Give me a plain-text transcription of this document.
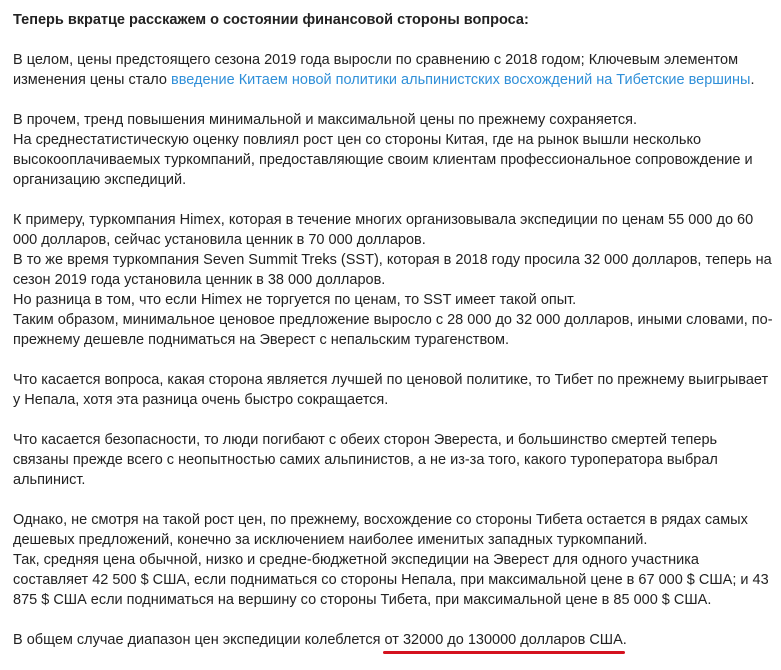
Теперь вкратце расскажем о состоянии финансовой стороны вопроса:
В целом, цены предстоящего сезона 2019 года выросли по сравнению с 2018 годом; Ключевым элементом изменения цены стало введение Китаем новой политики альпинистских восхождений на Тибетские вершины.
В прочем, тренд повышения минимальной и максимальной цены по прежнему сохраняется.
На среднестатистическую оценку повлиял рост цен со стороны Китая, где на рынок вышли несколько высокооплачиваемых туркомпаний, предоставляющие своим клиентам профессиональное сопровождение и организацию экспедиций.
К примеру, туркомпания Himex, которая в течение многих организовывала экспедиции по ценам 55 000 до 60 000 долларов, сейчас установила ценник в 70 000 долларов.
В то же время туркомпания Seven Summit Treks (SST), которая в 2018 году просила 32 000 долларов, теперь на сезон 2019 года установила ценник в 38 000 долларов.
Но разница в том, что если Himex не торгуется по ценам, то SST имеет такой опыт.
Таким образом, минимальное ценовое предложение выросло с 28 000 до 32 000 долларов, иными словами, по-прежнему дешевле подниматься на Эверест с непальским турагенством.
Что касается вопроса, какая сторона является лучшей по ценовой политике, то Тибет по прежнему выигрывает у Непала, хотя эта разница очень быстро сокращается.
Что касается безопасности, то люди погибают с обеих сторон Эвереста, и большинство смертей теперь связаны прежде всего с неопытностью самих альпинистов, а не из-за того, какого туроператора выбрал альпинист.
Однако, не смотря на такой рост цен, по прежнему, восхождение со стороны Тибета остается в рядах самых дешевых предложений, конечно за исключением наиболее именитых западных туркомпаний.
Так, средняя цена обычной, низко и средне-бюджетной экспедиции на Эверест для одного участника составляет 42 500 $ США, если подниматься со стороны Непала, при максимальной цене в 67 000 $ США; и 43 875 $ США если подниматься на вершину со стороны Тибета, при максимальной цене в 85 000 $ США.
В общем случае диапазон цен экспедиции колеблется от 32000 до 130000 долларов США
.
